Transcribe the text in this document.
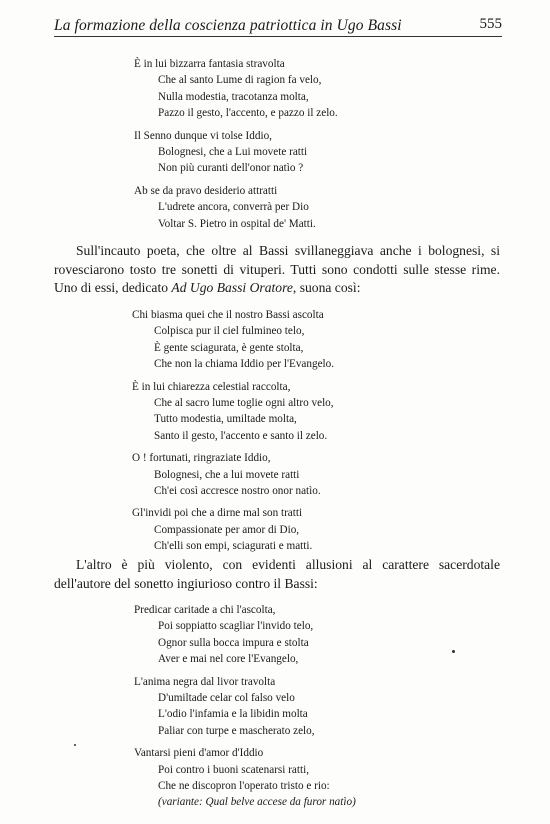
La formazione della coscienza patriottica in Ugo Bassi	555
È in lui bizzarra fantasia stravolta
Che al santo Lume di ragion fa velo,
Nulla modestia, tracotanza molta,
Pazzo il gesto, l'accento, e pazzo il zelo.
Il Senno dunque vi tolse Iddio,
Bolognesi, che a Lui movete ratti
Non più curanti dell'onor natìo ?
Ab se da pravo desiderio attratti
L'udrete ancora, converrà per Dio
Voltar S. Pietro in ospital de' Matti.
Sull'incauto poeta, che oltre al Bassi svillaneggiava anche i bolognesi, si rovesciarono tosto tre sonetti di vituperi. Tutti sono condotti sulle stesse rime. Uno di essi, dedicato Ad Ugo Bassi Oratore, suona così:
Chi biasma quei che il nostro Bassi ascolta
Colpisca pur il ciel fulmineo telo,
È gente sciagurata, è gente stolta,
Che non la chiama Iddio per l'Evangelo.
È in lui chiarezza celestial raccolta,
Che al sacro lume toglie ogni altro velo,
Tutto modestia, umiltade molta,
Santo il gesto, l'accento e santo il zelo.
O ! fortunati, ringraziate Iddio,
Bolognesi, che a lui movete ratti
Ch'ei così accresce nostro onor natìo.
Gl'invidi poi che a dirne mal son tratti
Compassionate per amor di Dio,
Ch'elli son empi, sciagurati e matti.
L'altro è più violento, con evidenti allusioni al carattere sacerdotale dell'autore del sonetto ingiurioso contro il Bassi:
Predicar caritade a chi l'ascolta,
Poi soppiatto scagliar l'invido telo,
Ognor sulla bocca impura e stolta
Aver e mai nel core l'Evangelo,
L'anima negra dal livor travolta
D'umiltade celar col falso velo
L'odio l'infamia e la libidin molta
Paliar con turpe e mascherato zelo,
Vantarsi pieni d'amor d'Iddio
Poi contro i buoni scatenarsi ratti,
Che ne discopron l'operato tristo e rio:
(variante: Qual belve accese da furor natìo)
